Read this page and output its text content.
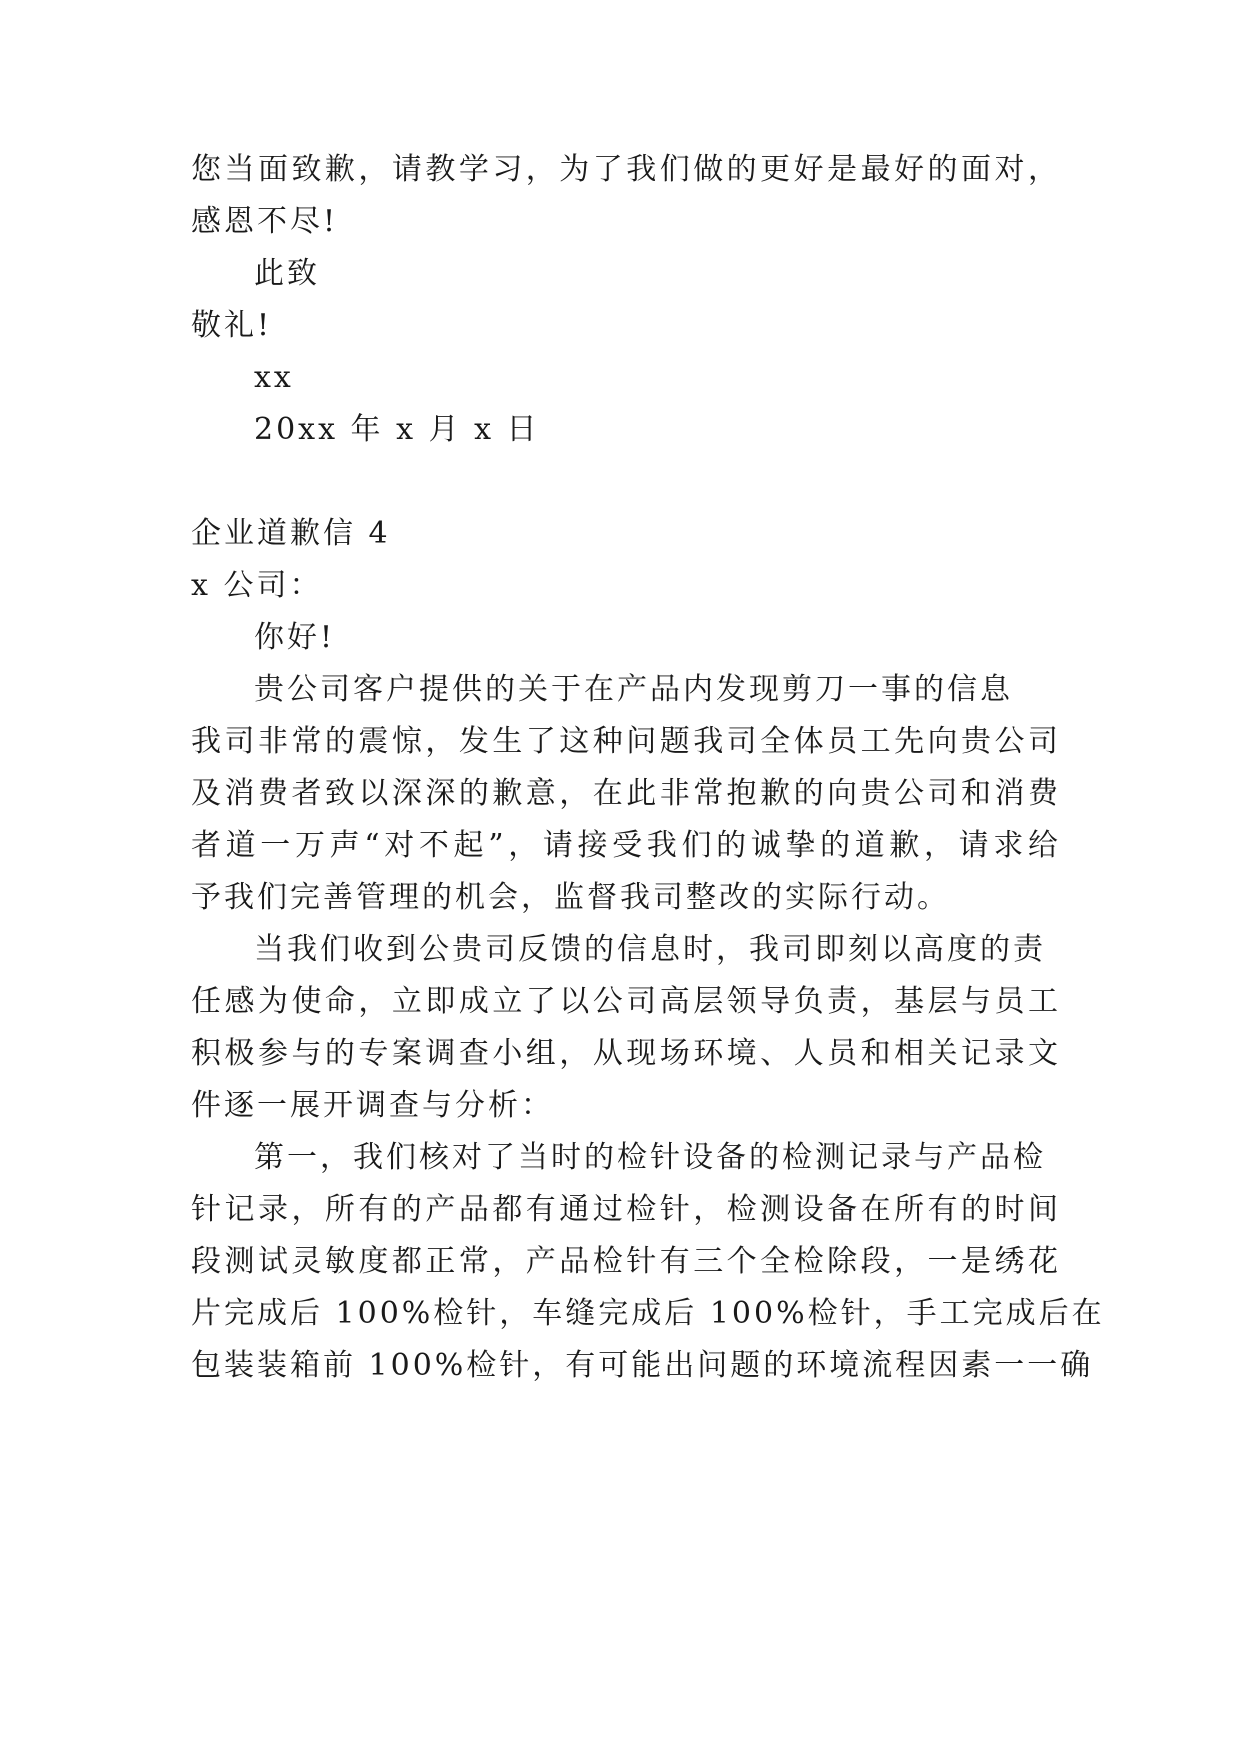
您当面致歉，请教学习，为了我们做的更好是最好的面对，
感恩不尽!
此致
敬礼!
xx
20xx 年 x 月 x 日
企业道歉信 4
x 公司：
你好!
贵公司客户提供的关于在产品内发现剪刀一事的信息
我司非常的震惊，发生了这种问题我司全体员工先向贵公司
及消费者致以深深的歉意，在此非常抱歉的向贵公司和消费
者道一万声“对不起”，请接受我们的诚挚的道歉，请求给
予我们完善管理的机会，监督我司整改的实际行动。
当我们收到公贵司反馈的信息时，我司即刻以高度的责
任感为使命，立即成立了以公司高层领导负责，基层与员工
积极参与的专案调查小组，从现场环境、人员和相关记录文
件逐一展开调查与分析：
第一，我们核对了当时的检针设备的检测记录与产品检
针记录，所有的产品都有通过检针，检测设备在所有的时间
段测试灵敏度都正常，产品检针有三个全检除段，一是绣花
片完成后 100%检针，车缝完成后 100%检针，手工完成后在
包装装箱前 100%检针，有可能出问题的环境流程因素一一确
